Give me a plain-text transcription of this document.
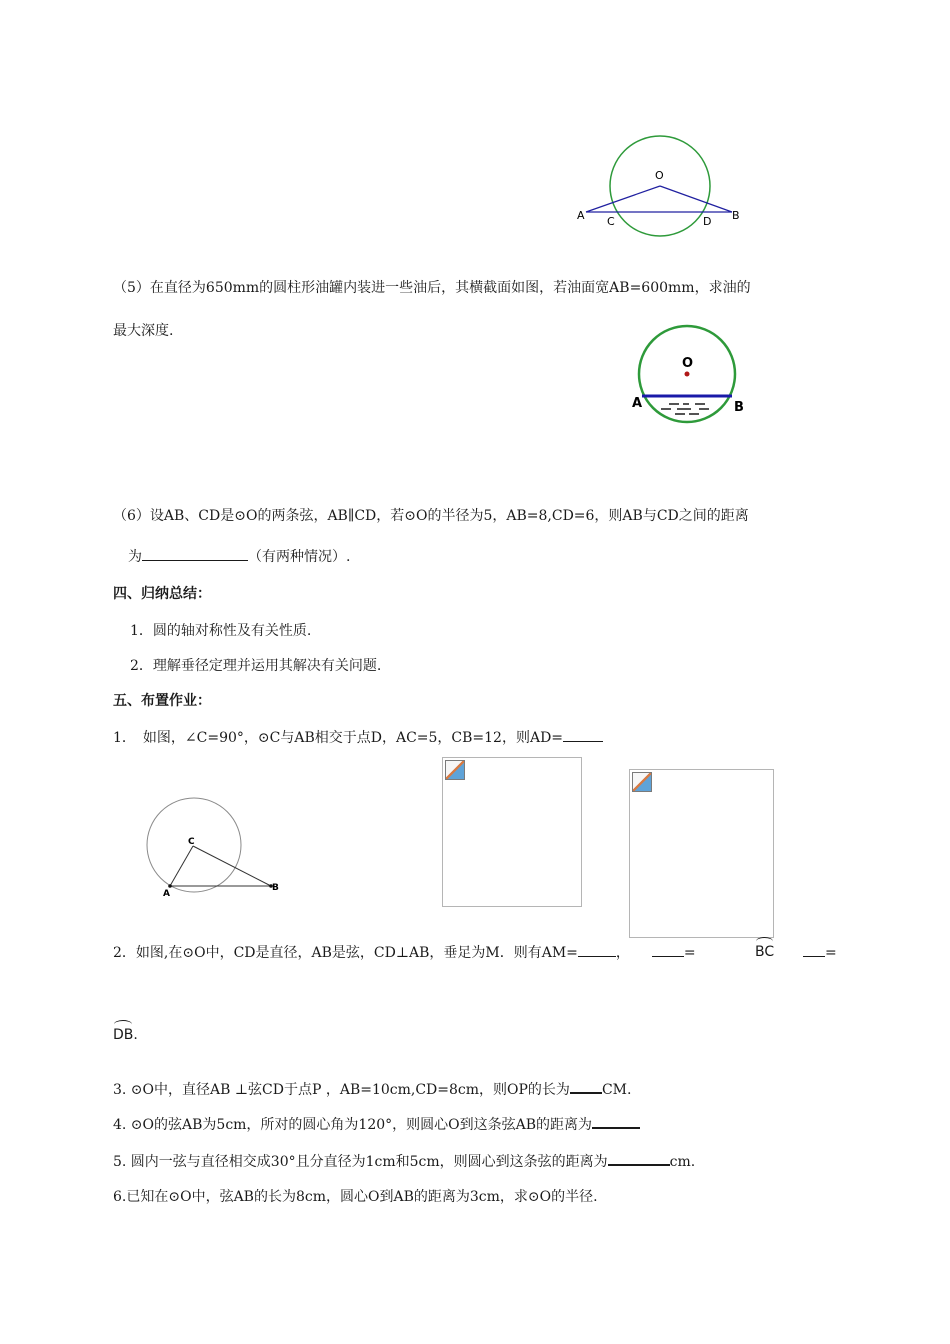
O
A	B
C	D
（5）在直径为650mm的圆柱形油罐内装进一些油后，其横截面如图，若油面宽AB=600mm，求油的
最大深度.
O
A	B
（6）设AB、CD是⊙O的两条弦，AB∥CD，若⊙O的半径为5，AB=8,CD=6，则AB与CD之间的距离
为	（有两种情况）.
四、归纳总结：
1．圆的轴对称性及有关性质.
2．理解垂径定理并运用其解决有关问题.
五、布置作业：
1．　如图，∠C=90°，⊙C与AB相交于点D，AC=5，CB=12，则AD=
C
A
B
2．如图,在⊙O中，CD是直径，AB是弦，CD⊥AB，垂足为M．则有AM=	，	=	BC	=
DB.
3. ⊙O中，直径AB ⊥弦CD于点P ，AB=10cm,CD=8cm，则OP的长为 CM.
4. ⊙O的弦AB为5cm，所对的圆心角为120°，则圆心O到这条弦AB的距离为
5. 圆内一弦与直径相交成30°且分直径为1cm和5cm，则圆心到这条弦的距离为	cm.
6.已知在⊙O中，弦AB的长为8cm，圆心O到AB的距离为3cm，求⊙O的半径.
